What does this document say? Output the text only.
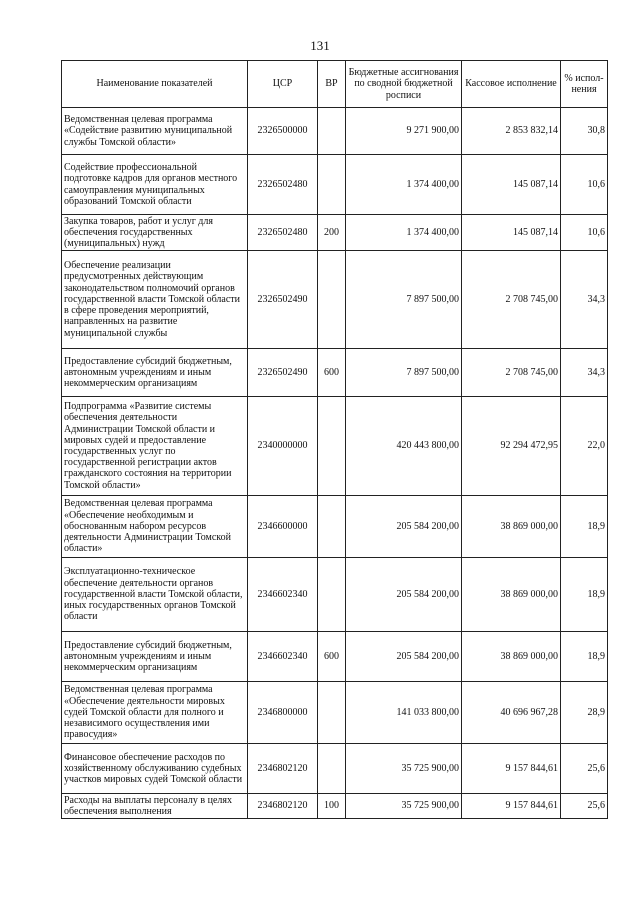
131
Наименование показателей	ЦСР	ВР	Бюджетные ассигнования по сводной бюджетной росписи	Кассовое исполнение	% испол-нения
Ведомственная целевая программа «Содействие развитию муниципальной службы Томской области»	2326500000		9 271 900,00	2 853 832,14	30,8
Содействие профессиональной подготовке кадров для органов местного самоуправления муниципальных образований Томской области	2326502480		1 374 400,00	145 087,14	10,6
Закупка товаров, работ и услуг для обеспечения государственных (муниципальных) нужд	2326502480	200	1 374 400,00	145 087,14	10,6
Обеспечение реализации предусмотренных действующим законодательством полномочий органов государственной власти Томской области в сфере проведения мероприятий, направленных на развитие муниципальной службы	2326502490		7 897 500,00	2 708 745,00	34,3
Предоставление субсидий бюджетным, автономным учреждениям и иным некоммерческим организациям	2326502490	600	7 897 500,00	2 708 745,00	34,3
Подпрограмма «Развитие системы обеспечения деятельности Администрации Томской области и мировых судей и предоставление государственных услуг по государственной регистрации актов гражданского состояния на территории Томской области»	2340000000		420 443 800,00	92 294 472,95	22,0
Ведомственная целевая программа «Обеспечение необходимым и обоснованным набором ресурсов деятельности Администрации Томской области»	2346600000		205 584 200,00	38 869 000,00	18,9
Эксплуатационно-техническое обеспечение деятельности органов государственной власти Томской области, иных государственных органов Томской области	2346602340		205 584 200,00	38 869 000,00	18,9
Предоставление субсидий бюджетным, автономным учреждениям и иным некоммерческим организациям	2346602340	600	205 584 200,00	38 869 000,00	18,9
Ведомственная целевая программа «Обеспечение деятельности мировых судей Томской области для полного и независимого осуществления ими правосудия»	2346800000		141 033 800,00	40 696 967,28	28,9
Финансовое обеспечение расходов по хозяйственному обслуживанию судебных участков мировых судей Томской области	2346802120		35 725 900,00	9 157 844,61	25,6
Расходы на выплаты персоналу в целях обеспечения выполнения	2346802120	100	35 725 900,00	9 157 844,61	25,6
